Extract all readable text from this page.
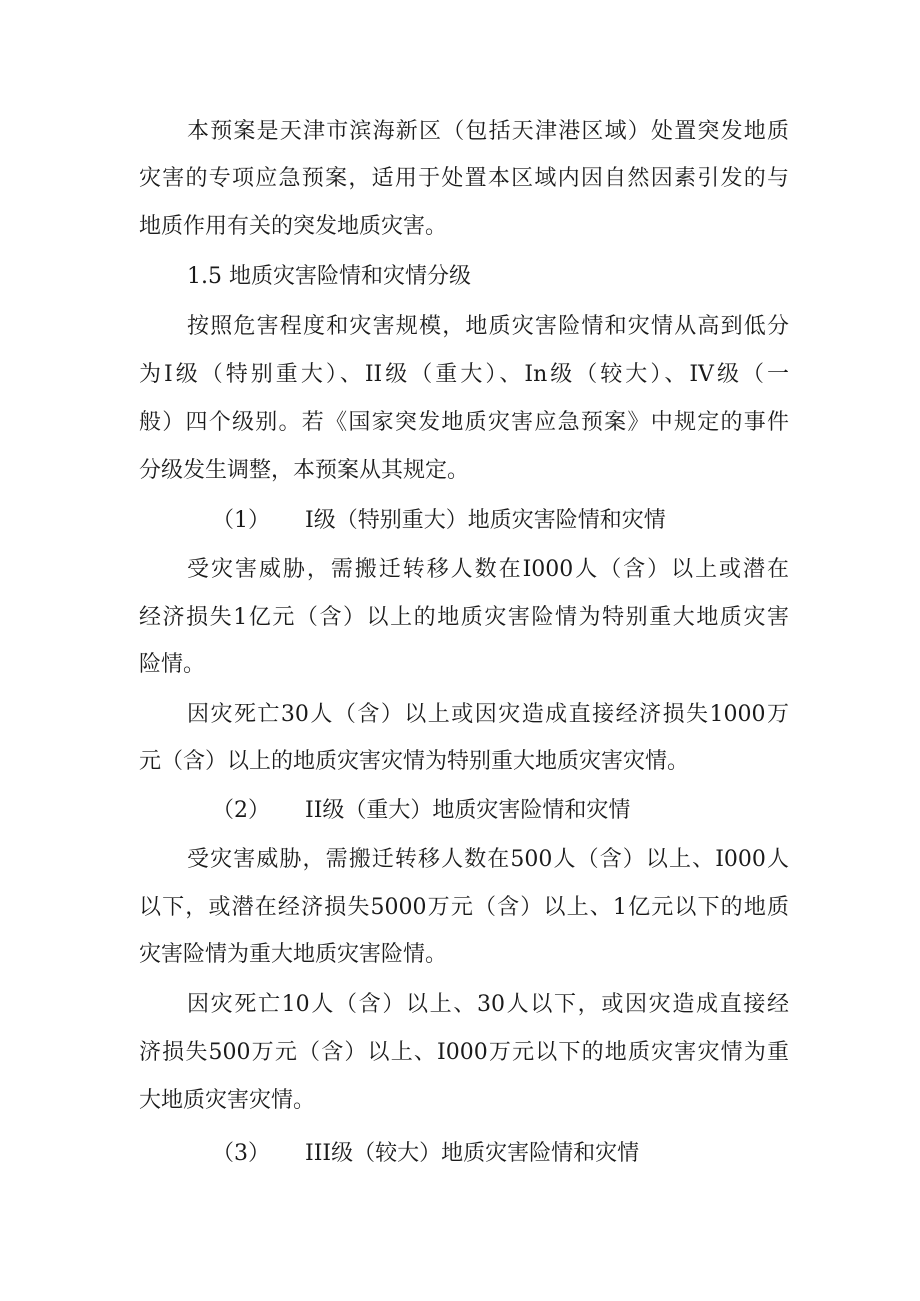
本预案是天津市滨海新区（包括天津港区域）处置突发地质
灾害的专项应急预案，适用于处置本区域内因自然因素引发的与
地质作用有关的突发地质灾害。
1.5 地质灾害险情和灾情分级
按照危害程度和灾害规模，地质灾害险情和灾情从高到低分
为Ⅰ级（特别重大）、II级（重大）、In级（较大）、IV级（一
般）四个级别。若《国家突发地质灾害应急预案》中规定的事件
分级发生调整，本预案从其规定。
（1） Ⅰ级（特别重大）地质灾害险情和灾情
受灾害威胁，需搬迁转移人数在I000人（含）以上或潜在
经济损失1亿元（含）以上的地质灾害险情为特别重大地质灾害
险情。
因灾死亡30人（含）以上或因灾造成直接经济损失1000万
元（含）以上的地质灾害灾情为特别重大地质灾害灾情。
（2） II级（重大）地质灾害险情和灾情
受灾害威胁，需搬迁转移人数在500人（含）以上、I000人
以下，或潜在经济损失5000万元（含）以上、1亿元以下的地质
灾害险情为重大地质灾害险情。
因灾死亡10人（含）以上、30人以下，或因灾造成直接经
济损失500万元（含）以上、I000万元以下的地质灾害灾情为重
大地质灾害灾情。
（3） III级（较大）地质灾害险情和灾情
